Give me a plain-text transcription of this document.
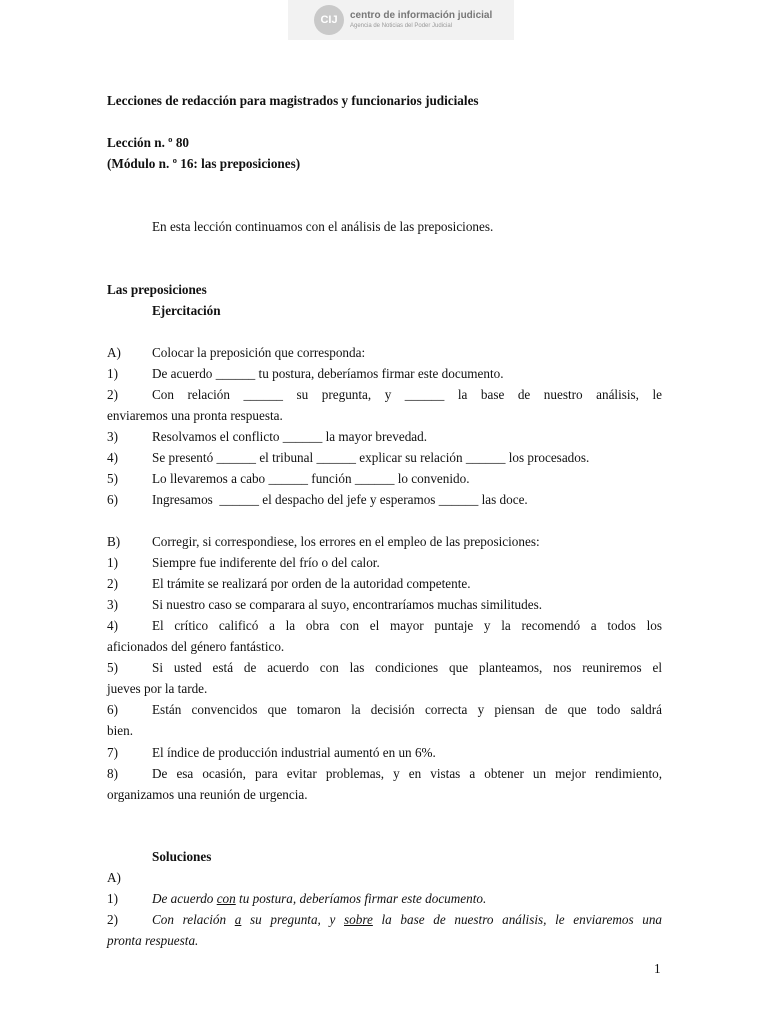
CIJ	centro de información judicial
Agencia de Noticias del Poder Judicial
Lecciones de redacción para magistrados y funcionarios judiciales
Lección n. º 80
(Módulo n. º 16: las preposiciones)
En esta lección continuamos con el análisis de las preposiciones.
Las preposiciones
Ejercitación
A) Colocar la preposición que corresponda:
1)	De acuerdo ______ tu postura, deberíamos firmar este documento.
2)	Con relación ______ su pregunta, y ______ la base de nuestro análisis, le
enviaremos una pronta respuesta.
3)	Resolvamos el conflicto ______ la mayor brevedad.
4)	Se presentó ______ el tribunal ______ explicar su relación ______ los procesados.
5)	Lo llevaremos a cabo ______ función ______ lo convenido.
6)	Ingresamos  ______ el despacho del jefe y esperamos ______ las doce.
B) Corregir, si correspondiese, los errores en el empleo de las preposiciones:
1)	Siempre fue indiferente del frío o del calor.
2)	El trámite se realizará por orden de la autoridad competente.
3)	Si nuestro caso se comparara al suyo, encontraríamos muchas similitudes.
4)	El crítico calificó a la obra con el mayor puntaje y la recomendó a todos los
aficionados del género fantástico.
5)	Si usted está de acuerdo con las condiciones que planteamos, nos reuniremos el
jueves por la tarde.
6)	Están convencidos que tomaron la decisión correcta y piensan de que todo saldrá
bien.
7)	El índice de producción industrial aumentó en un 6%.
8)	De esa ocasión, para evitar problemas, y en vistas a obtener un mejor rendimiento,
organizamos una reunión de urgencia.
Soluciones
A)
1)	De acuerdo con tu postura, deberíamos firmar este documento.
2)	Con relación a su pregunta, y sobre la base de nuestro análisis, le enviaremos una
pronta respuesta.
1
